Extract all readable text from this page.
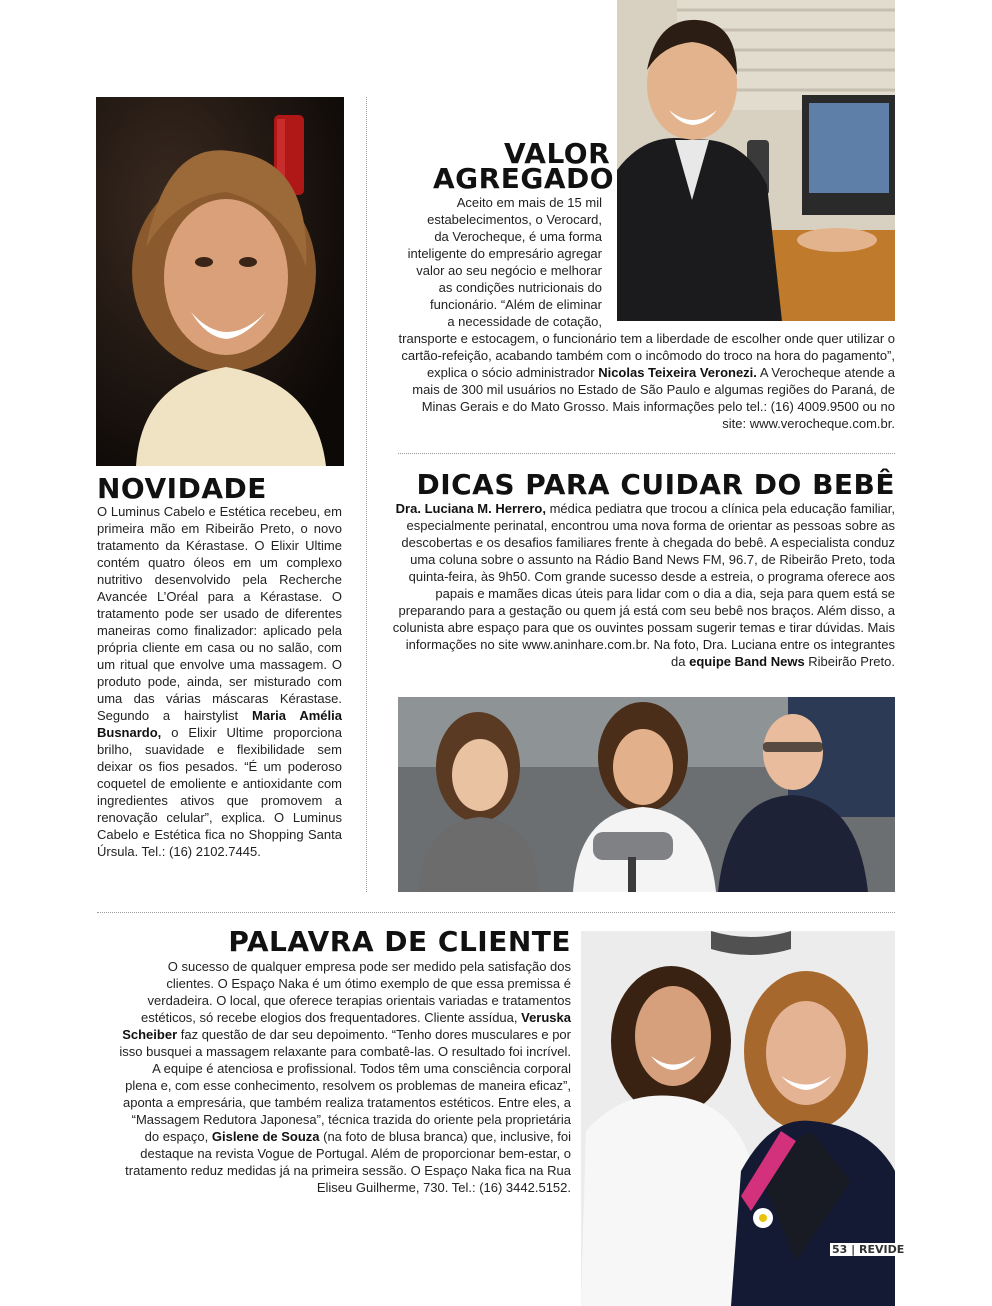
NOVIDADE

O Luminus Cabelo e Estética recebeu, em primeira mão em Ribeirão Preto, o novo tratamento da Kérastase. O Elixir Ultime contém quatro óleos em um complexo nutritivo desenvolvido pela Recherche Avancée L’Oréal para a Kérastase. O tratamento pode ser usado de diferentes maneiras como finalizador: aplicado pela própria cliente em casa ou no salão, com um ritual que envolve uma massagem. O produto pode, ainda, ser misturado com uma das várias máscaras Kérastase. Segundo a hairstylist Maria Amélia Busnardo, o Elixir Ultime proporciona brilho, suavidade e flexibilidade sem deixar os fios pesados. “É um poderoso coquetel de emoliente e antioxidante com ingredientes ativos que promovem a renovação celular”, explica. O Luminus Cabelo e Estética fica no Shopping Santa Úrsula. Tel.: (16) 2102.7445.

VALOR
AGREGADO
Aceito em mais de 15 mil
estabelecimentos, o Verocard,
da Verocheque, é uma forma
inteligente do empresário agregar
valor ao seu negócio e melhorar
as condições nutricionais do
funcionário. “Além de eliminar
a necessidade de cotação,

transporte e estocagem, o funcionário tem a liberdade de escolher onde quer utilizar o cartão-refeição, acabando também com o incômodo do troco na hora do pagamento”, explica o sócio administrador Nicolas Teixeira Veronezi. A Verocheque atende a mais de 300 mil usuários no Estado de São Paulo e algumas regiões do Paraná, de Minas Gerais e do Mato Grosso. Mais informações pelo tel.: (16) 4009.9500 ou no site: www.verocheque.com.br.

DICAS PARA CUIDAR DO BEBÊ

Dra. Luciana M. Herrero, médica pediatra que trocou a clínica pela educação familiar, especialmente perinatal, encontrou uma nova forma de orientar as pessoas sobre as descobertas e os desafios familiares frente à chegada do bebê. A especialista conduz uma coluna sobre o assunto na Rádio Band News FM, 96.7, de Ribeirão Preto, toda quinta-feira, às 9h50. Com grande sucesso desde a estreia, o programa oferece aos papais e mamães dicas úteis para lidar com o dia a dia, seja para quem está se preparando para a gestação ou quem já está com seu bebê nos braços. Além disso, a colunista abre espaço para que os ouvintes possam sugerir temas e tirar dúvidas. Mais informações no site www.aninhare.com.br. Na foto, Dra. Luciana entre os integrantes da equipe Band News Ribeirão Preto.

PALAVRA DE CLIENTE

O sucesso de qualquer empresa pode ser medido pela satisfação dos clientes. O Espaço Naka é um ótimo exemplo de que essa premissa é verdadeira. O local, que oferece terapias orientais variadas e tratamentos estéticos, só recebe elogios dos frequentadores. Cliente assídua, Veruska Scheiber faz questão de dar seu depoimento. “Tenho dores musculares e por isso busquei a massagem relaxante para combatê-las. O resultado foi incrível. A equipe é atenciosa e profissional. Todos têm uma consciência corporal plena e, com esse conhecimento, resolvem os problemas de maneira eficaz”, aponta a empresária, que também realiza tratamentos estéticos. Entre eles, a “Massagem Redutora Japonesa”, técnica trazida do oriente pela proprietária do espaço, Gislene de Souza (na foto de blusa branca) que, inclusive, foi destaque na revista Vogue de Portugal. Além de proporcionar bem-estar, o tratamento reduz medidas já na primeira sessão. O Espaço Naka fica na Rua Eliseu Guilherme, 730. Tel.: (16) 3442.5152.

53 | REVIDE
